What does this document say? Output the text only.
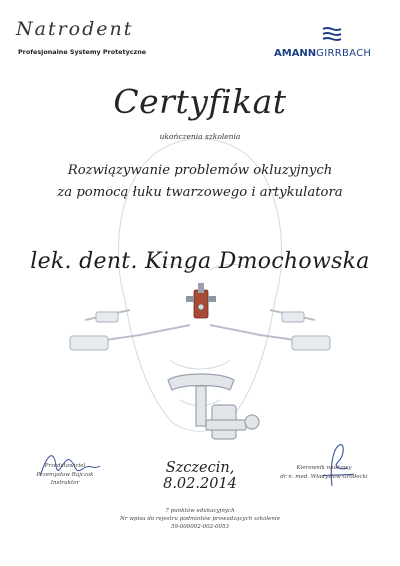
Natrodent
Profesjonalne Systemy Protetyczne	AMANNGIRRBACH
Certyfikat
ukończenia szkolenia
Rozwiązywanie problemów okluzyjnych
za pomocą łuku twarzowego i artykulatora
lek. dent. Kinga Dmochowska
Przedstawiciel
Przemysław Rajczak
Instruktor
Szczecin, 8.02.2014
Kierownik naukowy
dr n. med. Władysław Grodecki
7 punktów edukacyjnych
Nr wpisu do rejestru podmiotów prowadzących szkolenie
59-000002-002-0053
